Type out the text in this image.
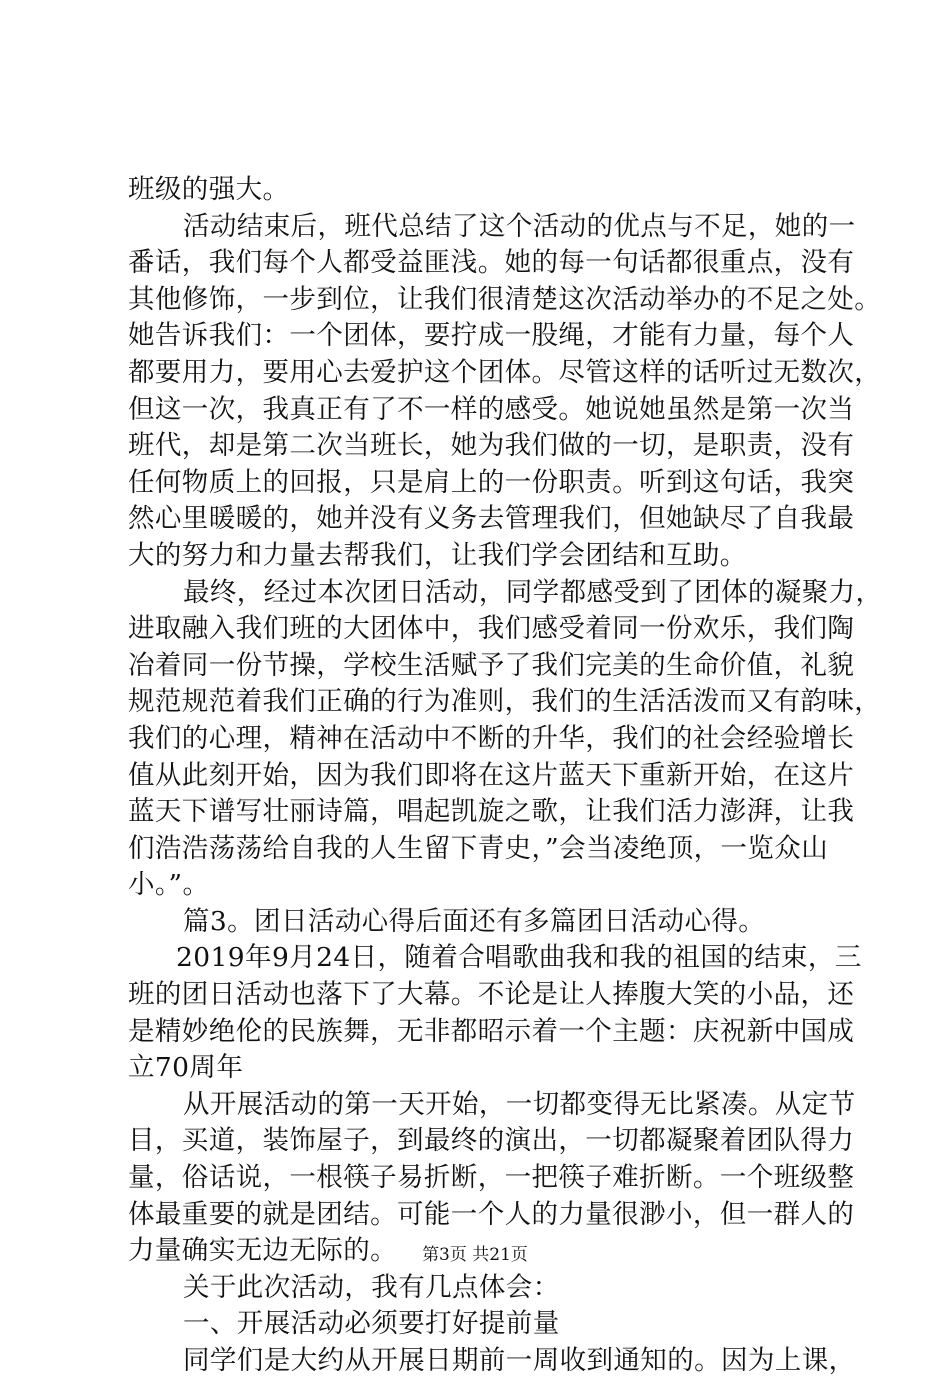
班级的强大。
活动结束后，班代总结了这个活动的优点与不足，她的一
番话，我们每个人都受益匪浅。她的每一句话都很重点，没有
其他修饰，一步到位，让我们很清楚这次活动举办的不足之处。
她告诉我们：一个团体，要拧成一股绳，才能有力量，每个人
都要用力，要用心去爱护这个团体。尽管这样的话听过无数次，
但这一次，我真正有了不一样的感受。她说她虽然是第一次当
班代，却是第二次当班长，她为我们做的一切，是职责，没有
任何物质上的回报，只是肩上的一份职责。听到这句话，我突
然心里暖暖的，她并没有义务去管理我们，但她缺尽了自我最
大的努力和力量去帮我们，让我们学会团结和互助。
最终，经过本次团日活动，同学都感受到了团体的凝聚力，
进取融入我们班的大团体中，我们感受着同一份欢乐，我们陶
冶着同一份节操，学校生活赋予了我们完美的生命价值，礼貌
规范规范着我们正确的行为准则，我们的生活活泼而又有韵味，
我们的心理，精神在活动中不断的升华，我们的社会经验增长
值从此刻开始，因为我们即将在这片蓝天下重新开始，在这片
蓝天下谱写壮丽诗篇，唱起凯旋之歌，让我们活力澎湃，让我
们浩浩荡荡给自我的人生留下青史，”会当凌绝顶，一览众山
小。”。
篇3。团日活动心得后面还有多篇团日活动心得。
2019年9月24日，随着合唱歌曲我和我的祖国的结束，三
班的团日活动也落下了大幕。不论是让人捧腹大笑的小品，还
是精妙绝伦的民族舞，无非都昭示着一个主题：庆祝新中国成
立70周年
从开展活动的第一天开始，一切都变得无比紧凑。从定节
目，买道，装饰屋子，到最终的演出，一切都凝聚着团队得力
量，俗话说，一根筷子易折断，一把筷子难折断。一个班级整
体最重要的就是团结。可能一个人的力量很渺小，但一群人的
力量确实无边无际的。
关于此次活动，我有几点体会：
一、开展活动必须要打好提前量
同学们是大约从开展日期前一周收到通知的。因为上课，
第3页 共21页
